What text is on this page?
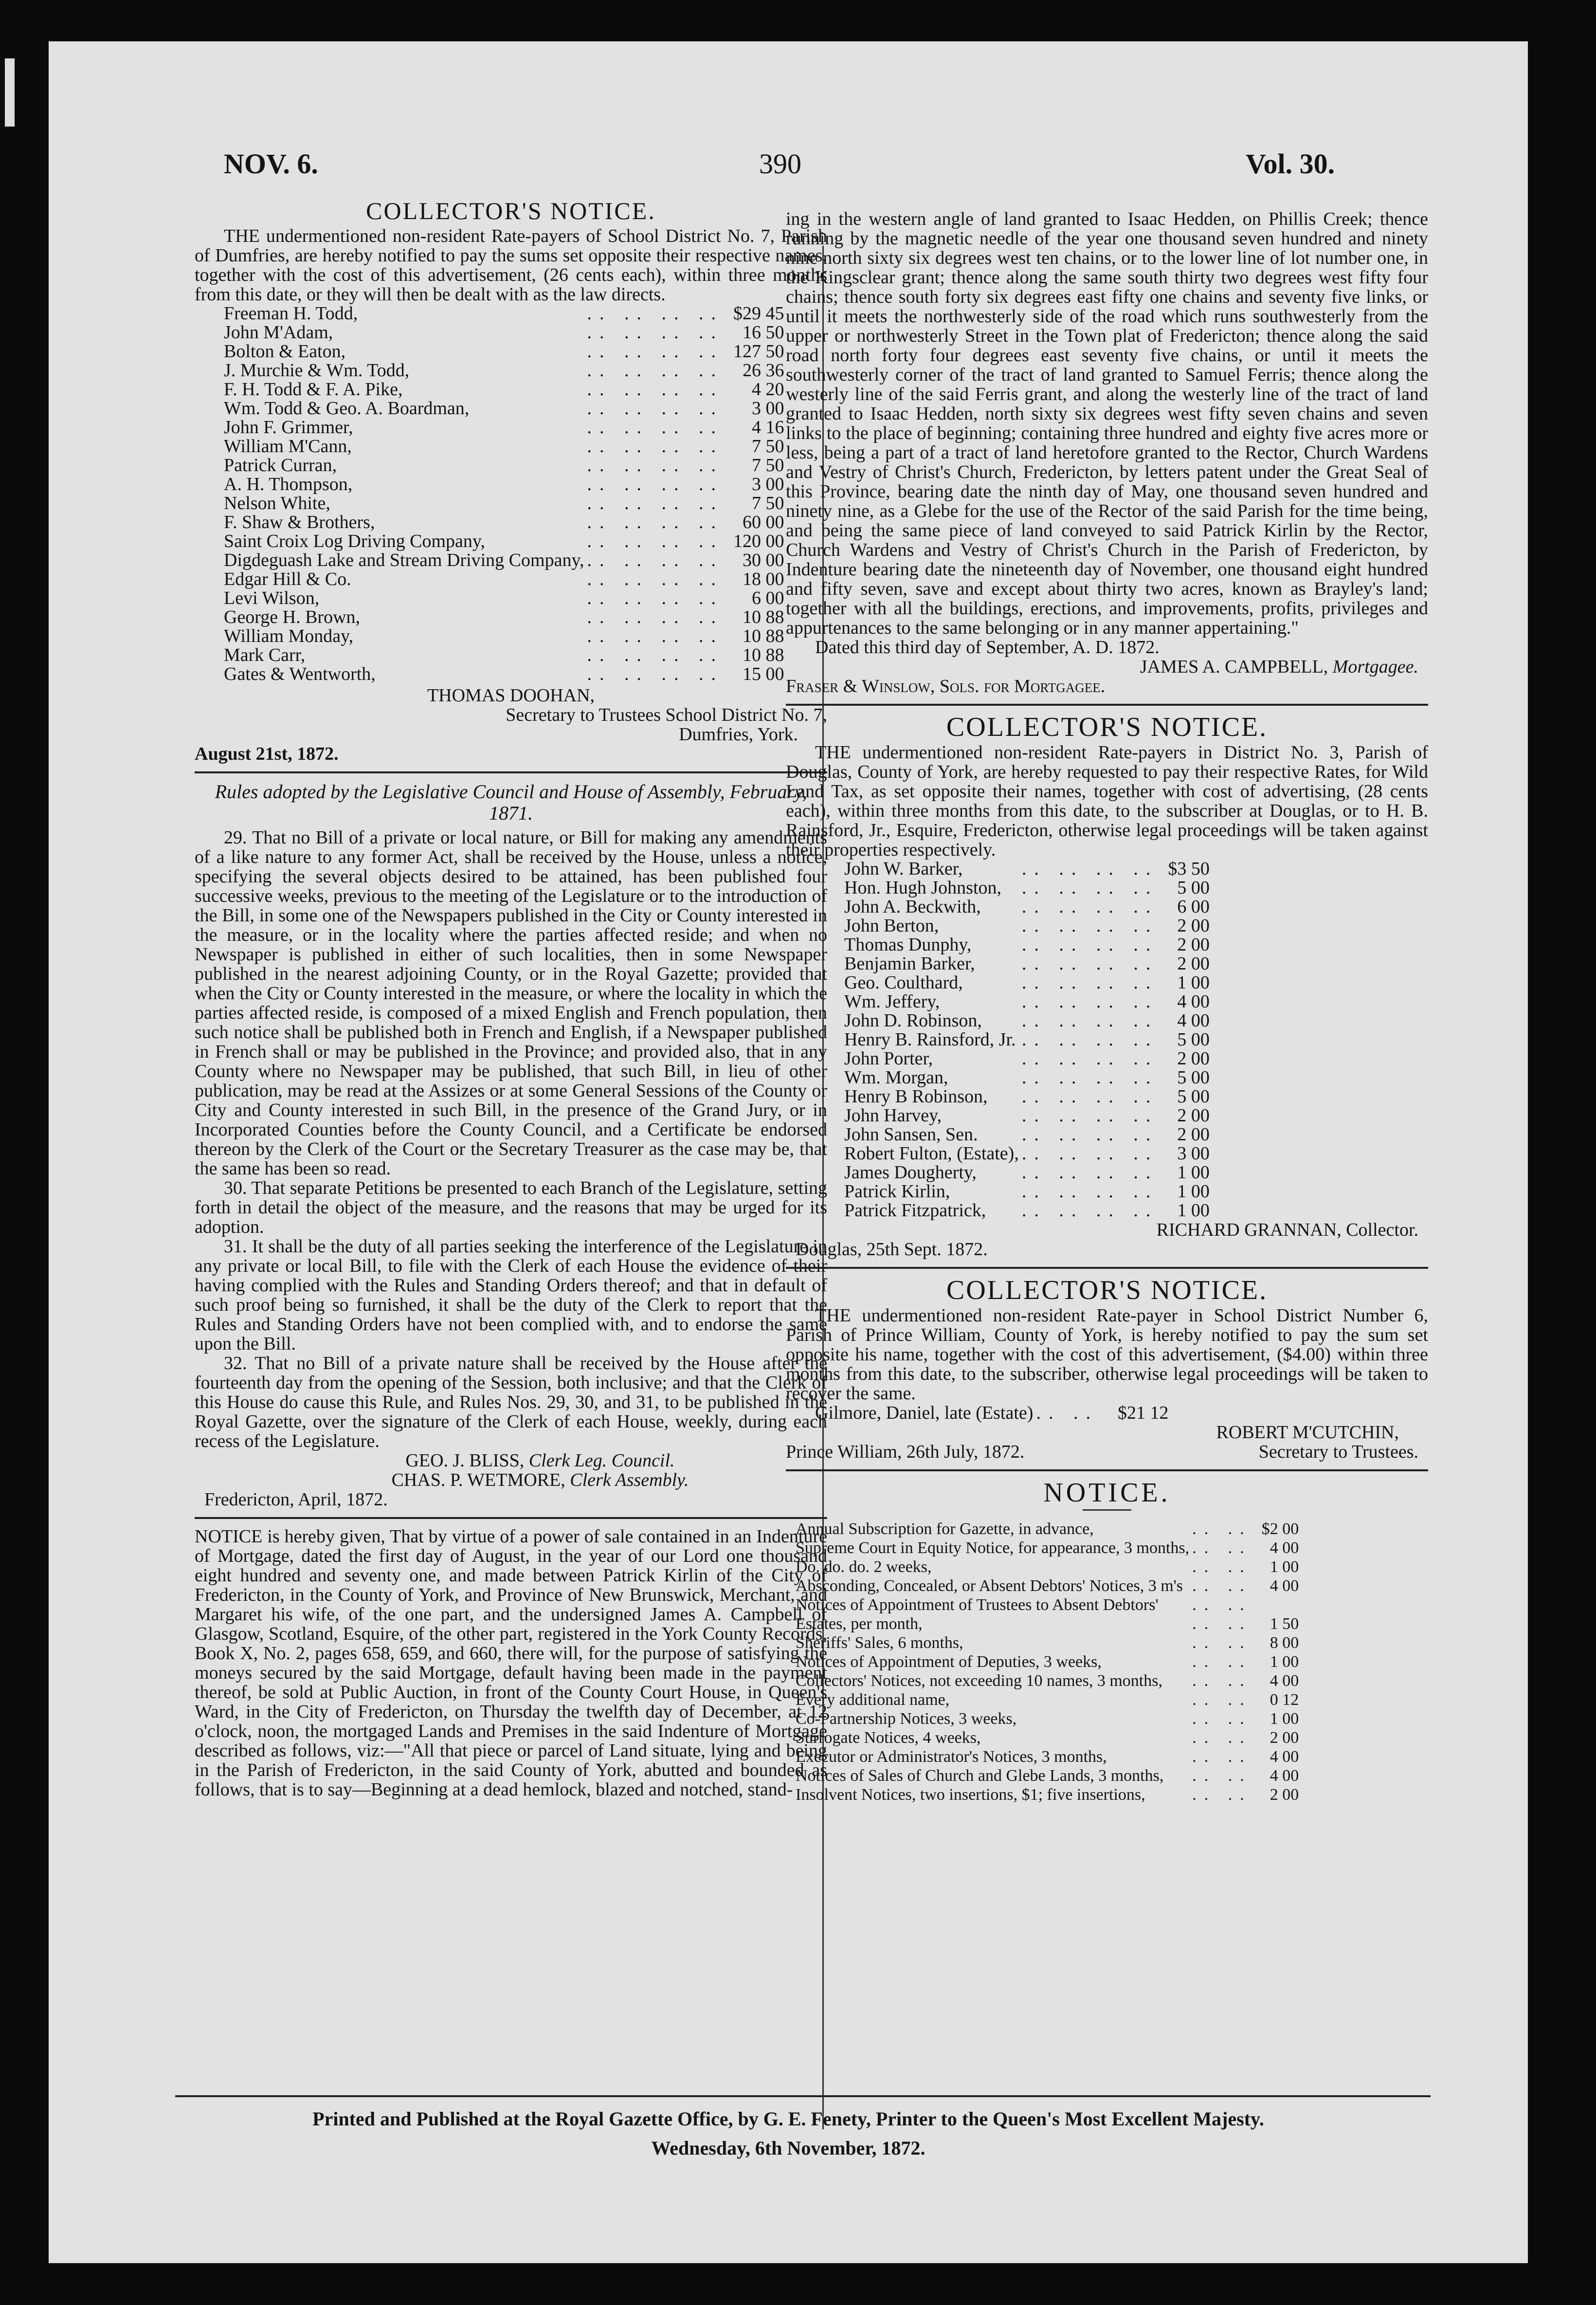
NOV. 6.	390	Vol. 30.
COLLECTOR'S NOTICE.

THE undermentioned non-resident Rate-payers of School District No. 7, Parish of Dumfries, are hereby notified to pay the sums set opposite their respective names, together with the cost of this advertisement, (26 cents each), within three months from this date, or they will then be dealt with as the law directs.

Freeman H. Todd,	.. .. .. ..	$29 45
John M'Adam,	.. .. .. ..	16 50
Bolton & Eaton,	.. .. .. ..	127 50
J. Murchie & Wm. Todd,	.. .. .. ..	26 36
F. H. Todd & F. A. Pike,	.. .. .. ..	4 20
Wm. Todd & Geo. A. Boardman,	.. .. .. ..	3 00
John F. Grimmer,	.. .. .. ..	4 16
William M'Cann,	.. .. .. ..	7 50
Patrick Curran,	.. .. .. ..	7 50
A. H. Thompson,	.. .. .. ..	3 00
Nelson White,	.. .. .. ..	7 50
F. Shaw & Brothers,	.. .. .. ..	60 00
Saint Croix Log Driving Company,	.. .. .. ..	120 00
Digdeguash Lake and Stream Driving Company,	.. .. .. ..	30 00
Edgar Hill & Co.	.. .. .. ..	18 00
Levi Wilson,	.. .. .. ..	6 00
George H. Brown,	.. .. .. ..	10 88
William Monday,	.. .. .. ..	10 88
Mark Carr,	.. .. .. ..	10 88
Gates & Wentworth,	.. .. .. ..	15 00
THOMAS DOOHAN,
Secretary to Trustees School District No. 7,
Dumfries, York.
August 21st, 1872.
Rules adopted by the Legislative Council and House of Assembly, February, 1871.

29. That no Bill of a private or local nature, or Bill for making any amendments of a like nature to any former Act, shall be received by the House, unless a notice, specifying the several objects desired to be attained, has been published four successive weeks, previous to the meeting of the Legislature or to the introduction of the Bill, in some one of the Newspapers published in the City or County interested in the measure, or in the locality where the parties affected reside; and when no Newspaper is published in either of such localities, then in some Newspaper published in the nearest adjoining County, or in the Royal Gazette; provided that when the City or County interested in the measure, or where the locality in which the parties affected reside, is composed of a mixed English and French population, then such notice shall be published both in French and English, if a Newspaper published in French shall or may be published in the Province; and provided also, that in any County where no Newspaper may be published, that such Bill, in lieu of other publication, may be read at the Assizes or at some General Sessions of the County or City and County interested in such Bill, in the presence of the Grand Jury, or in Incorporated Counties before the County Council, and a Certificate be endorsed thereon by the Clerk of the Court or the Secretary Treasurer as the case may be, that the same has been so read.

30. That separate Petitions be presented to each Branch of the Legislature, setting forth in detail the object of the measure, and the reasons that may be urged for its adoption.

31. It shall be the duty of all parties seeking the interference of the Legislature in any private or local Bill, to file with the Clerk of each House the evidence of their having complied with the Rules and Standing Orders thereof; and that in default of such proof being so furnished, it shall be the duty of the Clerk to report that the Rules and Standing Orders have not been complied with, and to endorse the same upon the Bill.

32. That no Bill of a private nature shall be received by the House after the fourteenth day from the opening of the Session, both inclusive; and that the Clerk of this House do cause this Rule, and Rules Nos. 29, 30, and 31, to be published in the Royal Gazette, over the signature of the Clerk of each House, weekly, during each recess of the Legislature.

GEO. J. BLISS, Clerk Leg. Council.
CHAS. P. WETMORE, Clerk Assembly.
Fredericton, April, 1872.

NOTICE is hereby given, That by virtue of a power of sale contained in an Indenture of Mortgage, dated the first day of August, in the year of our Lord one thousand eight hundred and seventy one, and made between Patrick Kirlin of the City of Fredericton, in the County of York, and Province of New Brunswick, Merchant, and Margaret his wife, of the one part, and the undersigned James A. Campbell of Glasgow, Scotland, Esquire, of the other part, registered in the York County Records, Book X, No. 2, pages 658, 659, and 660, there will, for the purpose of satisfying the moneys secured by the said Mortgage, default having been made in the payment thereof, be sold at Public Auction, in front of the County Court House, in Queen's Ward, in the City of Fredericton, on Thursday the twelfth day of December, at 12 o'clock, noon, the mortgaged Lands and Premises in the said Indenture of Mortgage described as follows, viz:—"All that piece or parcel of Land situate, lying and being in the Parish of Fredericton, in the said County of York, abutted and bounded as follows, that is to say—Beginning at a dead hemlock, blazed and notched, stand-

ing in the western angle of land granted to Isaac Hedden, on Phillis Creek; thence running by the magnetic needle of the year one thousand seven hundred and ninety nine north sixty six degrees west ten chains, or to the lower line of lot number one, in the Kingsclear grant; thence along the same south thirty two degrees west fifty four chains; thence south forty six degrees east fifty one chains and seventy five links, or until it meets the northwesterly side of the road which runs southwesterly from the upper or northwesterly Street in the Town plat of Fredericton; thence along the said road north forty four degrees east seventy five chains, or until it meets the southwesterly corner of the tract of land granted to Samuel Ferris; thence along the westerly line of the said Ferris grant, and along the westerly line of the tract of land granted to Isaac Hedden, north sixty six degrees west fifty seven chains and seven links to the place of beginning; containing three hundred and eighty five acres more or less, being a part of a tract of land heretofore granted to the Rector, Church Wardens and Vestry of Christ's Church, Fredericton, by letters patent under the Great Seal of this Province, bearing date the ninth day of May, one thousand seven hundred and ninety nine, as a Glebe for the use of the Rector of the said Parish for the time being, and being the same piece of land conveyed to said Patrick Kirlin by the Rector, Church Wardens and Vestry of Christ's Church in the Parish of Fredericton, by Indenture bearing date the nineteenth day of November, one thousand eight hundred and fifty seven, save and except about thirty two acres, known as Brayley's land; together with all the buildings, erections, and improvements, profits, privileges and appurtenances to the same belonging or in any manner appertaining."

Dated this third day of September, A. D. 1872.

JAMES A. CAMPBELL, Mortgagee.
Fraser & Winslow, Sols. for Mortgagee.
COLLECTOR'S NOTICE.

THE undermentioned non-resident Rate-payers in District No. 3, Parish of Douglas, County of York, are hereby requested to pay their respective Rates, for Wild Land Tax, as set opposite their names, together with cost of advertising, (28 cents each), within three months from this date, to the subscriber at Douglas, or to H. B. Rainsford, Jr., Esquire, Fredericton, otherwise legal proceedings will be taken against their properties respectively.

John W. Barker,	.. .. .. ..	$3 50
Hon. Hugh Johnston,	.. .. .. ..	5 00
John A. Beckwith,	.. .. .. ..	6 00
John Berton,	.. .. .. ..	2 00
Thomas Dunphy,	.. .. .. ..	2 00
Benjamin Barker,	.. .. .. ..	2 00
Geo. Coulthard,	.. .. .. ..	1 00
Wm. Jeffery,	.. .. .. ..	4 00
John D. Robinson,	.. .. .. ..	4 00
Henry B. Rainsford, Jr.	.. .. .. ..	5 00
John Porter,	.. .. .. ..	2 00
Wm. Morgan,	.. .. .. ..	5 00
Henry B Robinson,	.. .. .. ..	5 00
John Harvey,	.. .. .. ..	2 00
John Sansen, Sen.	.. .. .. ..	2 00
Robert Fulton, (Estate),	.. .. .. ..	3 00
James Dougherty,	.. .. .. ..	1 00
Patrick Kirlin,	.. .. .. ..	1 00
Patrick Fitzpatrick,	.. .. .. ..	1 00
RICHARD GRANNAN, Collector.
Douglas, 25th Sept. 1872.
COLLECTOR'S NOTICE.

THE undermentioned non-resident Rate-payer in School District Number 6, Parish of Prince William, County of York, is hereby notified to pay the sum set opposite his name, together with the cost of this advertisement, ($4.00) within three months from this date, to the subscriber, otherwise legal proceedings will be taken to recover the same.

Gilmore, Daniel, late (Estate) .. ..	$21 12
ROBERT M'CUTCHIN,
Prince William, 26th July, 1872.	Secretary to Trustees.
NOTICE.
Annual Subscription for Gazette, in advance,	.. ..	$2 00
Supreme Court in Equity Notice, for appearance, 3 months,	.. ..	4 00
Do. do. do. 2 weeks,	.. ..	1 00
Absconding, Concealed, or Absent Debtors' Notices, 3 m's	.. ..	4 00
Notices of Appointment of Trustees to Absent Debtors'	.. ..	
Estates, per month,	.. ..	1 50
Sheriffs' Sales, 6 months,	.. ..	8 00
Notices of Appointment of Deputies, 3 weeks,	.. ..	1 00
Collectors' Notices, not exceeding 10 names, 3 months,	.. ..	4 00
Every additional name,	.. ..	0 12
Co-Partnership Notices, 3 weeks,	.. ..	1 00
Surrogate Notices, 4 weeks,	.. ..	2 00
Executor or Administrator's Notices, 3 months,	.. ..	4 00
Notices of Sales of Church and Glebe Lands, 3 months,	.. ..	4 00
Insolvent Notices, two insertions, $1; five insertions,	.. ..	2 00
Printed and Published at the Royal Gazette Office, by G. E. Fenety, Printer to the Queen's Most Excellent Majesty.
Wednesday, 6th November, 1872.
